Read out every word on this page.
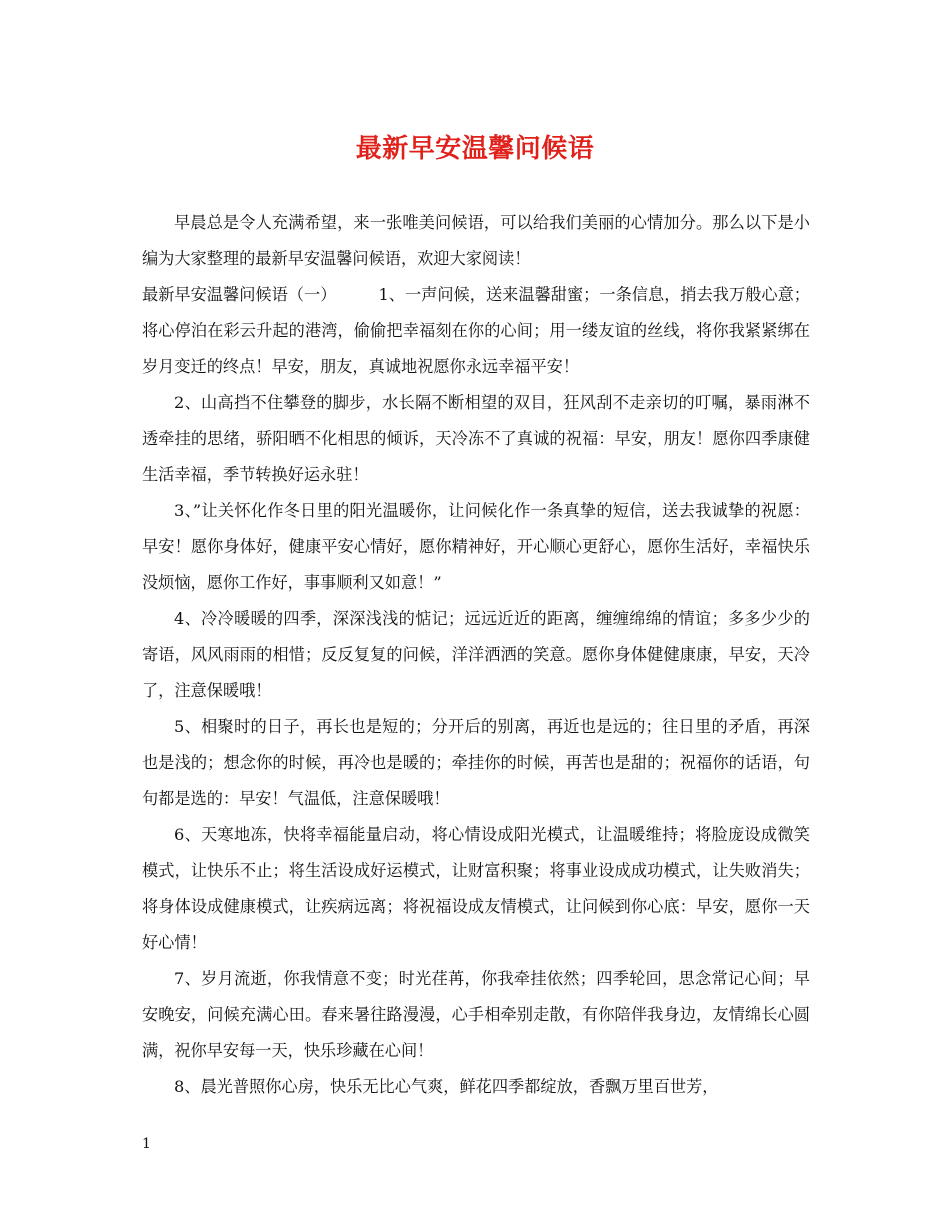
最新早安温馨问候语

早晨总是令人充满希望，来一张唯美问候语，可以给我们美丽的心情加分。那么以下是小编为大家整理的最新早安温馨问候语，欢迎大家阅读！

最新早安温馨问候语（一）	1、一声问候，送来温馨甜蜜；一条信息，捎去我万般心意；将心停泊在彩云升起的港湾，偷偷把幸福刻在你的心间；用一缕友谊的丝线，将你我紧紧绑在岁月变迁的终点！早安，朋友，真诚地祝愿你永远幸福平安！

2、山高挡不住攀登的脚步，水长隔不断相望的双目，狂风刮不走亲切的叮嘱，暴雨淋不透牵挂的思绪，骄阳晒不化相思的倾诉，天冷冻不了真诚的祝福：早安，朋友！愿你四季康健生活幸福，季节转换好运永驻！

3、”让关怀化作冬日里的阳光温暖你，让问候化作一条真挚的短信，送去我诚挚的祝愿：早安！愿你身体好，健康平安心情好，愿你精神好，开心顺心更舒心，愿你生活好，幸福快乐没烦恼，愿你工作好，事事顺利又如意！”

4、冷冷暖暖的四季，深深浅浅的惦记；远远近近的距离，缠缠绵绵的情谊；多多少少的寄语，风风雨雨的相惜；反反复复的问候，洋洋洒洒的笑意。愿你身体健健康康，早安，天冷了，注意保暖哦！

5、相聚时的日子，再长也是短的；分开后的别离，再近也是远的；往日里的矛盾，再深也是浅的；想念你的时候，再冷也是暖的；牵挂你的时候，再苦也是甜的；祝福你的话语，句句都是选的：早安！气温低，注意保暖哦！

6、天寒地冻，快将幸福能量启动，将心情设成阳光模式，让温暖维持；将脸庞设成微笑模式，让快乐不止；将生活设成好运模式，让财富积聚；将事业设成成功模式，让失败消失；将身体设成健康模式，让疾病远离；将祝福设成友情模式，让问候到你心底：早安，愿你一天好心情！

7、岁月流逝，你我情意不变；时光荏苒，你我牵挂依然；四季轮回，思念常记心间；早安晚安，问候充满心田。春来暑往路漫漫，心手相牵别走散，有你陪伴我身边，友情绵长心圆满，祝你早安每一天，快乐珍藏在心间！

8、晨光普照你心房，快乐无比心气爽，鲜花四季都绽放，香飘万里百世芳，

1
